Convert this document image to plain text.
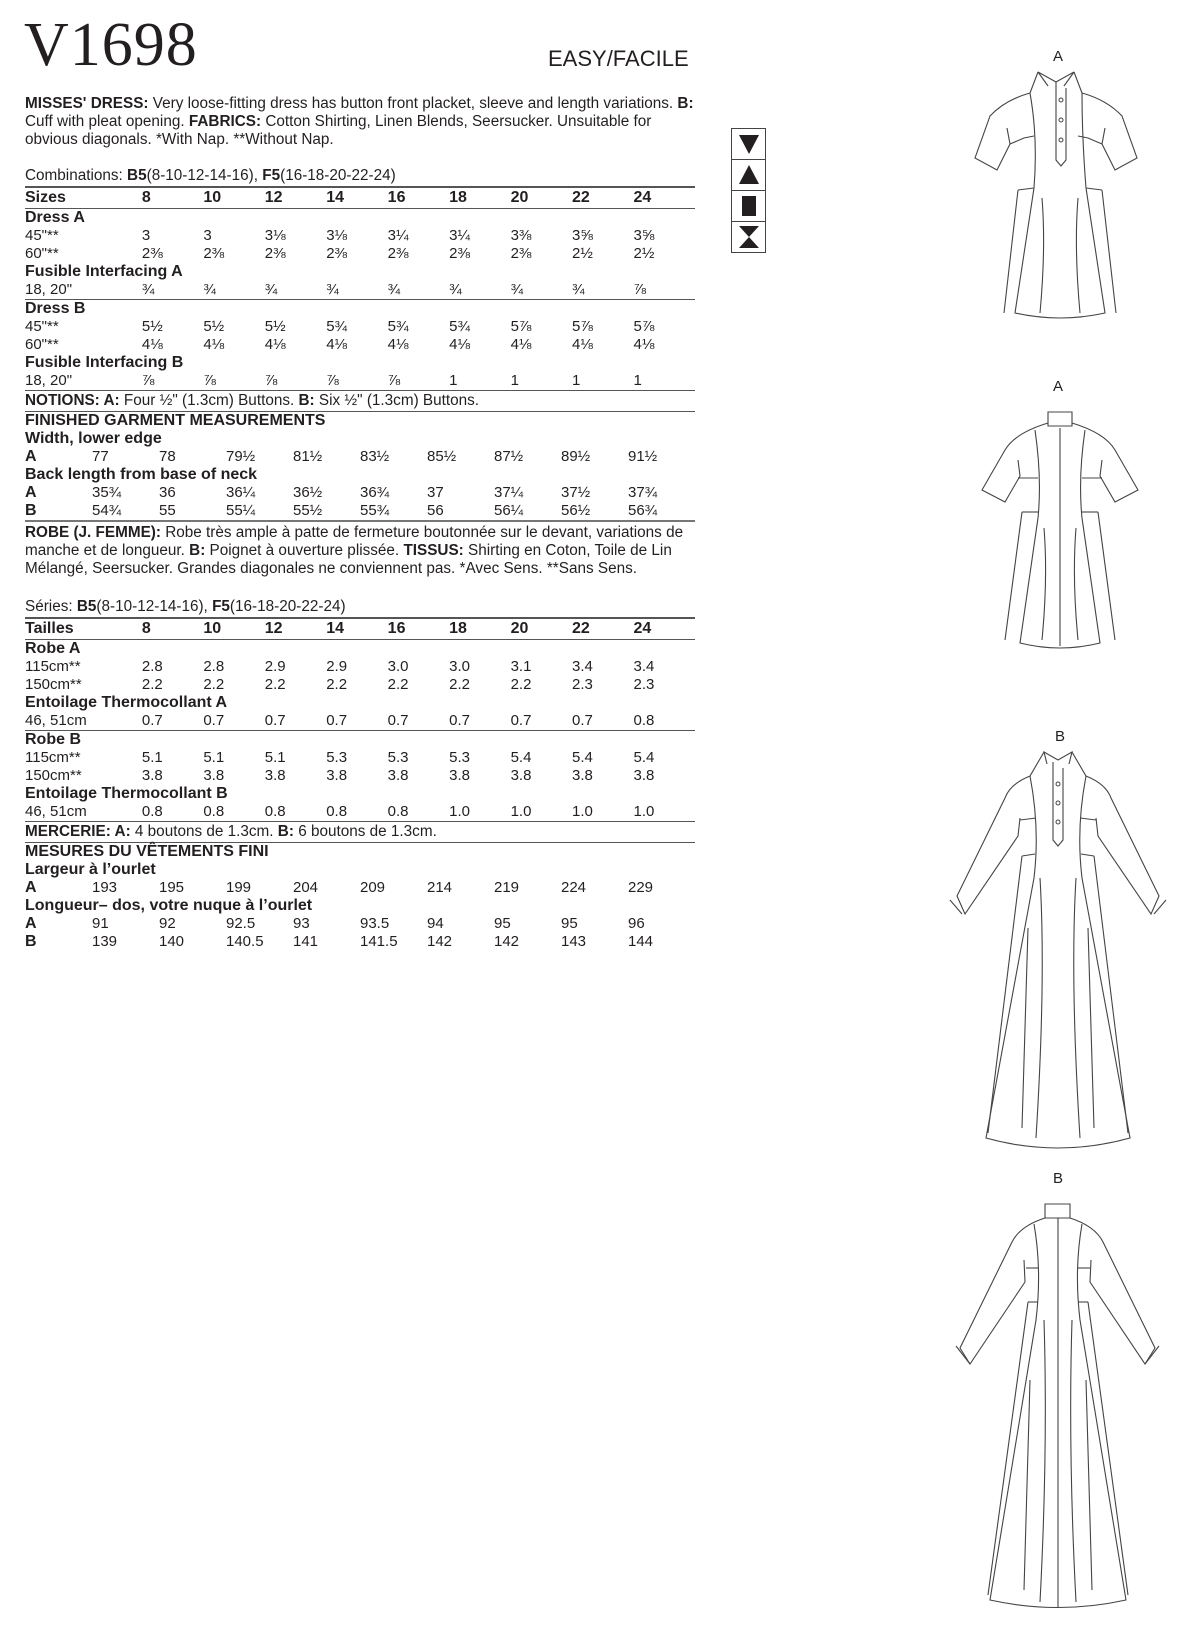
V1698	EASY/FACILE

MISSES' DRESS: Very loose-fitting dress has button front placket, sleeve and length variations. B: Cuff with pleat opening. FABRICS: Cotton Shirting, Linen Blends, Seersucker. Unsuitable for obvious diagonals. *With Nap. **Without Nap.

Combinations: B5(8-10-12-14-16), F5(16-18-20-22-24)
Sizes	8	10	12	14	16	18	20	22	24
Dress A									
45"**	3	3	3⅛	3⅛	3¼	3¼	3⅜	3⅝	3⅝
60"**	2⅜	2⅜	2⅜	2⅜	2⅜	2⅜	2⅜	2½	2½
Fusible Interfacing A									
18, 20"	¾	¾	¾	¾	¾	¾	¾	¾	⅞
Dress B									
45"**	5½	5½	5½	5¾	5¾	5¾	5⅞	5⅞	5⅞
60"**	4⅛	4⅛	4⅛	4⅛	4⅛	4⅛	4⅛	4⅛	4⅛
Fusible Interfacing B									
18, 20"	⅞	⅞	⅞	⅞	⅞	1	1	1	1
NOTIONS: A: Four ½" (1.3cm) Buttons. B: Six ½" (1.3cm) Buttons.
FINISHED GARMENT MEASUREMENTS									

Width, lower edge									
A	77	78	79½	81½	83½	85½	87½	89½	91½
Back length from base of neck									
A	35¾	36	36¼	36½	36¾	37	37¼	37½	37¾
B	54¾	55	55¼	55½	55¾	56	56¼	56½	56¾

ROBE (J. FEMME): Robe très ample à patte de fermeture boutonnée sur le devant, variations de manche et de longueur. B: Poignet à ouverture plissée. TISSUS: Shirting en Coton, Toile de Lin Mélangé, Seersucker. Grandes diagonales ne conviennent pas. *Avec Sens. **Sans Sens.

Séries: B5(8-10-12-14-16), F5(16-18-20-22-24)
Tailles	8	10	12	14	16	18	20	22	24
Robe A									
115cm**	2.8	2.8	2.9	2.9	3.0	3.0	3.1	3.4	3.4
150cm**	2.2	2.2	2.2	2.2	2.2	2.2	2.2	2.3	2.3
Entoilage Thermocollant A									
46, 51cm	0.7	0.7	0.7	0.7	0.7	0.7	0.7	0.7	0.8
Robe B									
115cm**	5.1	5.1	5.1	5.3	5.3	5.3	5.4	5.4	5.4
150cm**	3.8	3.8	3.8	3.8	3.8	3.8	3.8	3.8	3.8
Entoilage Thermocollant B									
46, 51cm	0.8	0.8	0.8	0.8	0.8	1.0	1.0	1.0	1.0
MERCERIE: A: 4 boutons de 1.3cm. B: 6 boutons de 1.3cm.
MESURES DU VÊTEMENTS FINI									

Largeur à l’ourlet									
A	193	195	199	204	209	214	219	224	229
Longueur– dos, votre nuque à l’ourlet									
A	91	92	92.5	93	93.5	94	95	95	96
B	139	140	140.5	141	141.5	142	142	143	144
A
A
B
B
